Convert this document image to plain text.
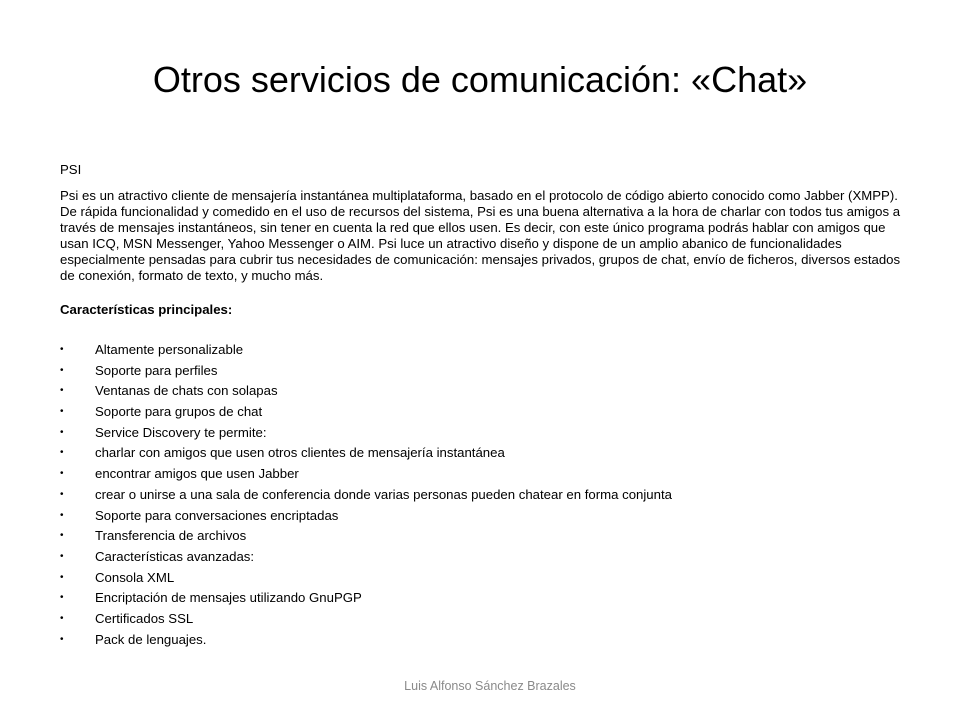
Otros servicios de comunicación: «Chat»
PSI
Psi es un atractivo cliente de mensajería instantánea multiplataforma, basado en el protocolo de código abierto conocido como Jabber (XMPP). De rápida funcionalidad y comedido en el uso de recursos del sistema, Psi es una buena alternativa a la hora de charlar con todos tus amigos a través de mensajes instantáneos, sin tener en cuenta la red que ellos usen. Es decir, con este único programa podrás hablar con amigos que usan ICQ, MSN Messenger, Yahoo Messenger o AIM. Psi luce un atractivo diseño y dispone de un amplio abanico de funcionalidades especialmente pensadas para cubrir tus necesidades de comunicación: mensajes privados, grupos de chat, envío de ficheros, diversos estados de conexión, formato de texto, y mucho más.
Características principales:
• Altamente personalizable
• Soporte para perfiles
• Ventanas de chats con solapas
• Soporte para grupos de chat
• Service Discovery te permite:
• charlar con amigos que usen otros clientes de mensajería instantánea
• encontrar amigos que usen Jabber
• crear o unirse a una sala de conferencia donde varias personas pueden chatear en forma conjunta
• Soporte para conversaciones encriptadas
• Transferencia de archivos
• Características avanzadas:
• Consola XML
• Encriptación de mensajes utilizando GnuPGP
• Certificados SSL
• Pack de lenguajes.
Luis Alfonso Sánchez Brazales
